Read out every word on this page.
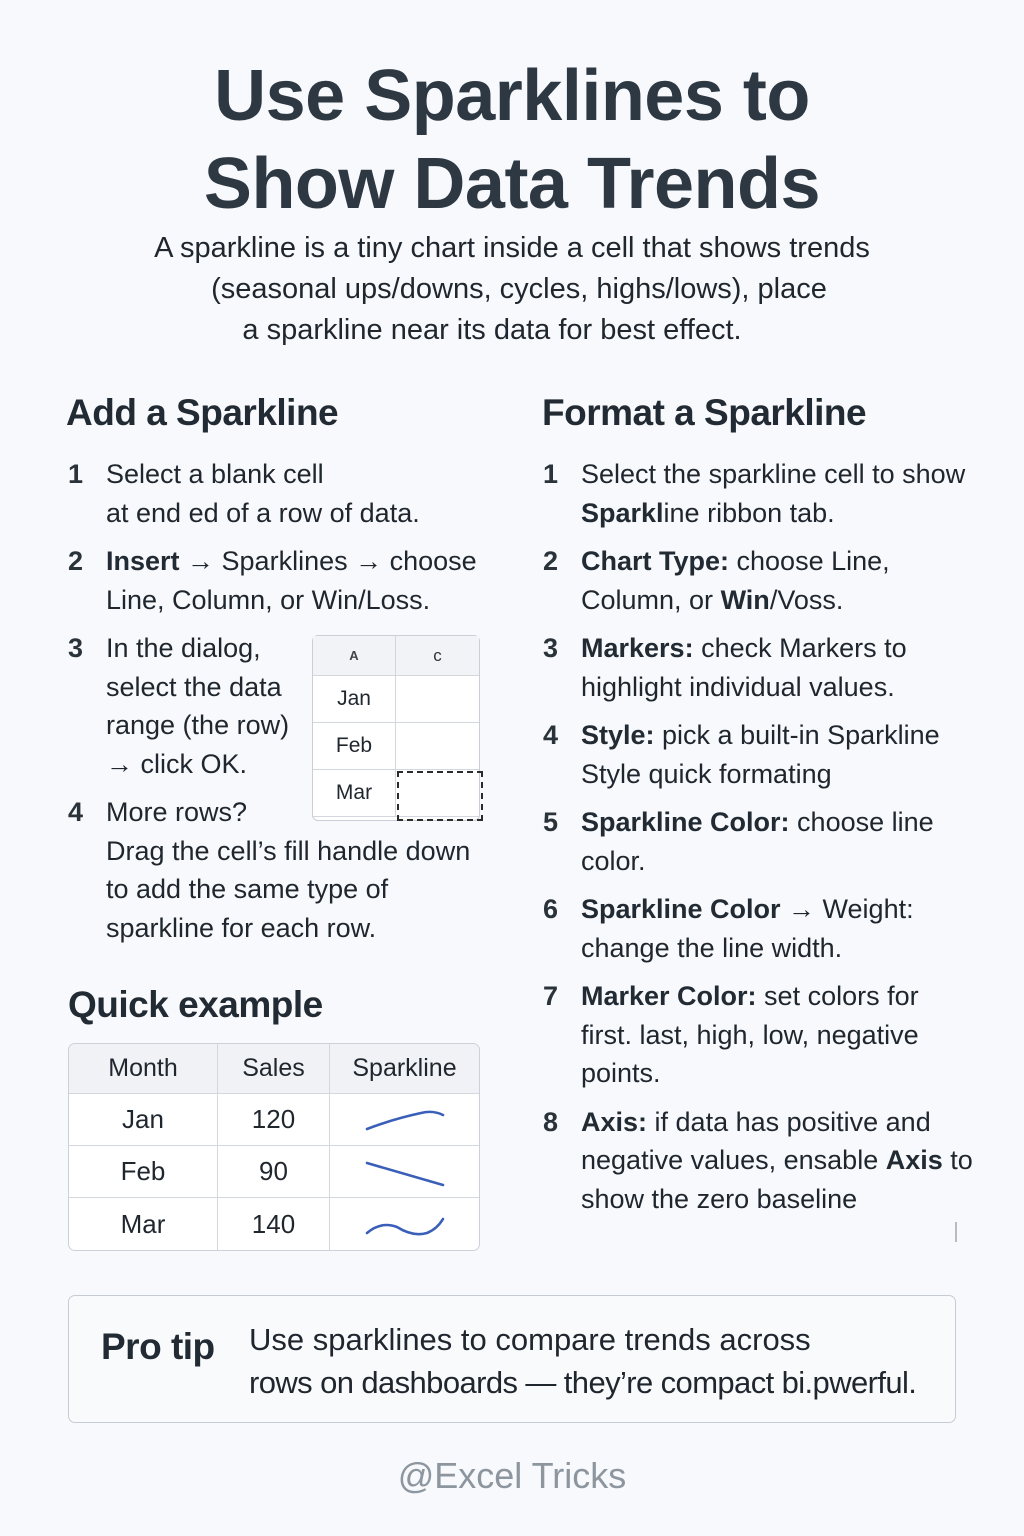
Use Sparklines to
Show Data Trends
A sparkline is a tiny chart inside a cell that shows trends
(seasonal ups/downs, cycles, highs/lows), place
a sparkline near its data for best effect.
Add a Sparkline
1 Select a blank cell
at end ed of a row of data.
2 Insert → Sparklines → choose Line, Column, or Win/Loss.
3 In the dialog,
select the data
range (the row)
→ click OK.
4 More rows?
Drag the cell’s fill handle down to add the same type of sparkline for each row.
A	c
Jan
Feb
Mar
Format a Sparkline
1 Select the sparkline cell to show Sparkline ribbon tab.
2 Chart Type: choose Line, Column, or Win/Voss.
3 Markers: check Markers to highlight individual values.
4 Style: pick a built-in Sparkline Style quick formating
5 Sparkline Color: choose line color.
6 Sparkline Color → Weight: change the line width.
7 Marker Color: set colors for first. last, high, low, negative points.
8 Axis: if data has positive and negative values, ensable Axis to show the zero baseline
Quick example
Month	Sales	Sparkline
Jan	120
Feb	90
Mar	140
Pro tip Use sparklines to compare trends across
rows on dashboards — they’re compact bi.pwerful.
@Excel Tricks
